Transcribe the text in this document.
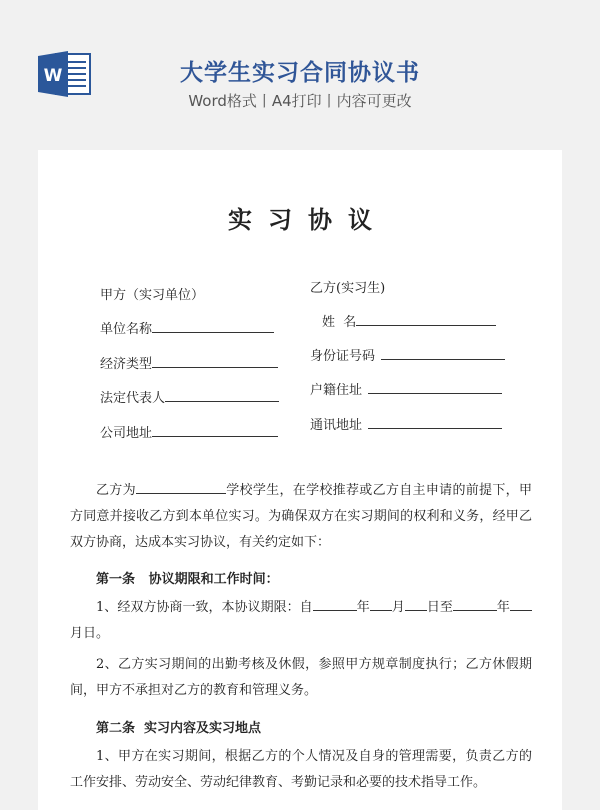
W	大学生实习合同协议书
Word格式丨A4打印丨内容可更改
实习协议
甲方（实习单位）
单位名称
经济类型
法定代表人
公司地址
乙方(实习生)
姓  名
身份证号码
户籍住址
通讯地址
乙方为	学校学生，在学校推荐或乙方自主申请的前提下，甲方同意并接收乙方到本单位实习。为确保双方在实习期间的权利和义务，经甲乙双方协商，达成本实习协议，有关约定如下：
第一条   协议期限和工作时间：
1、经双方协商一致，本协议期限：自	年 月 日至	年月日。
2、乙方实习期间的出勤考核及休假，参照甲方规章制度执行；乙方休假期间，甲方不承担对乙方的教育和管理义务。
第二条  实习内容及实习地点
1、甲方在实习期间，根据乙方的个人情况及自身的管理需要，负责乙方的工作安排、劳动安全、劳动纪律教育、考勤记录和必要的技术指导工作。
